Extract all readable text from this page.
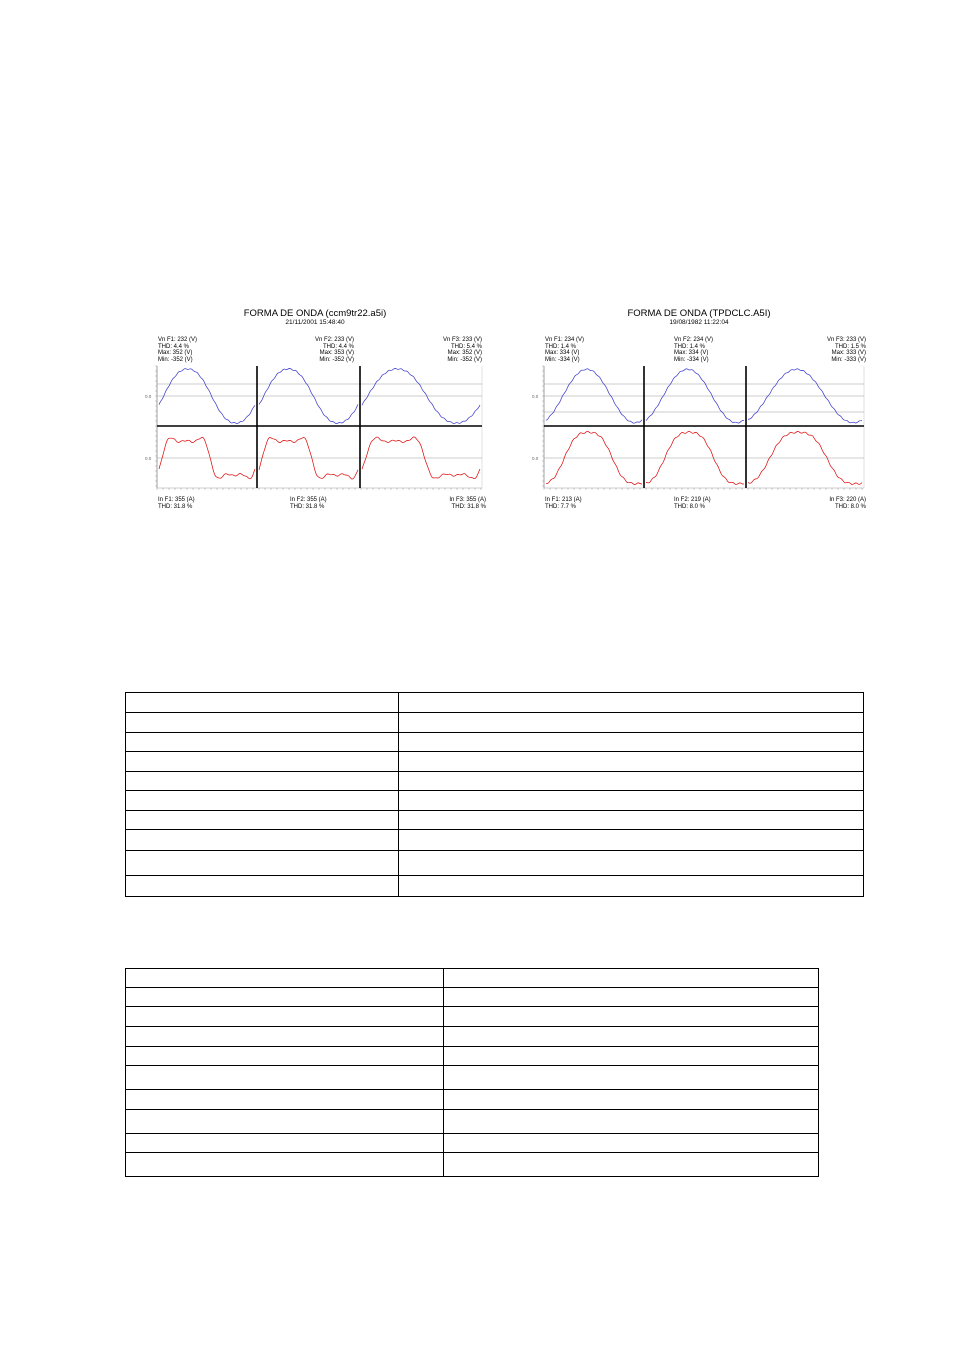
0.0
0.0
FORMA DE ONDA (ccm9tr22.a5i)
21/11/2001 15:48:40
Vn F1: 232 (V)
THD: 4.4 %
Max: 352 (V)
Min: -352 (V)
Vn F2: 233 (V)
THD: 4.4 %
Max: 353 (V)
Min: -352 (V)
Vn F3: 233 (V)
THD: 5.4 %
Max: 352 (V)
Min: -352 (V)
In F1: 355 (A)
THD: 31.8 %
In F2: 355 (A)
THD: 31.8 %
In F3: 355 (A)
THD: 31.8 %
0.0
0.0
FORMA DE ONDA (TPDCLC.A5I)
19/08/1982 11:22:04
Vn F1: 234 (V)
THD: 1.4 %
Max: 334 (V)
Min: -334 (V)
Vn F2: 234 (V)
THD: 1.4 %
Max: 334 (V)
Min: -334 (V)
Vn F3: 233 (V)
THD: 1.5 %
Max: 333 (V)
Min: -333 (V)
In F1: 213 (A)
THD: 7.7 %
In F2: 219 (A)
THD: 8.0 %
In F3: 220 (A)
THD: 8.0 %
